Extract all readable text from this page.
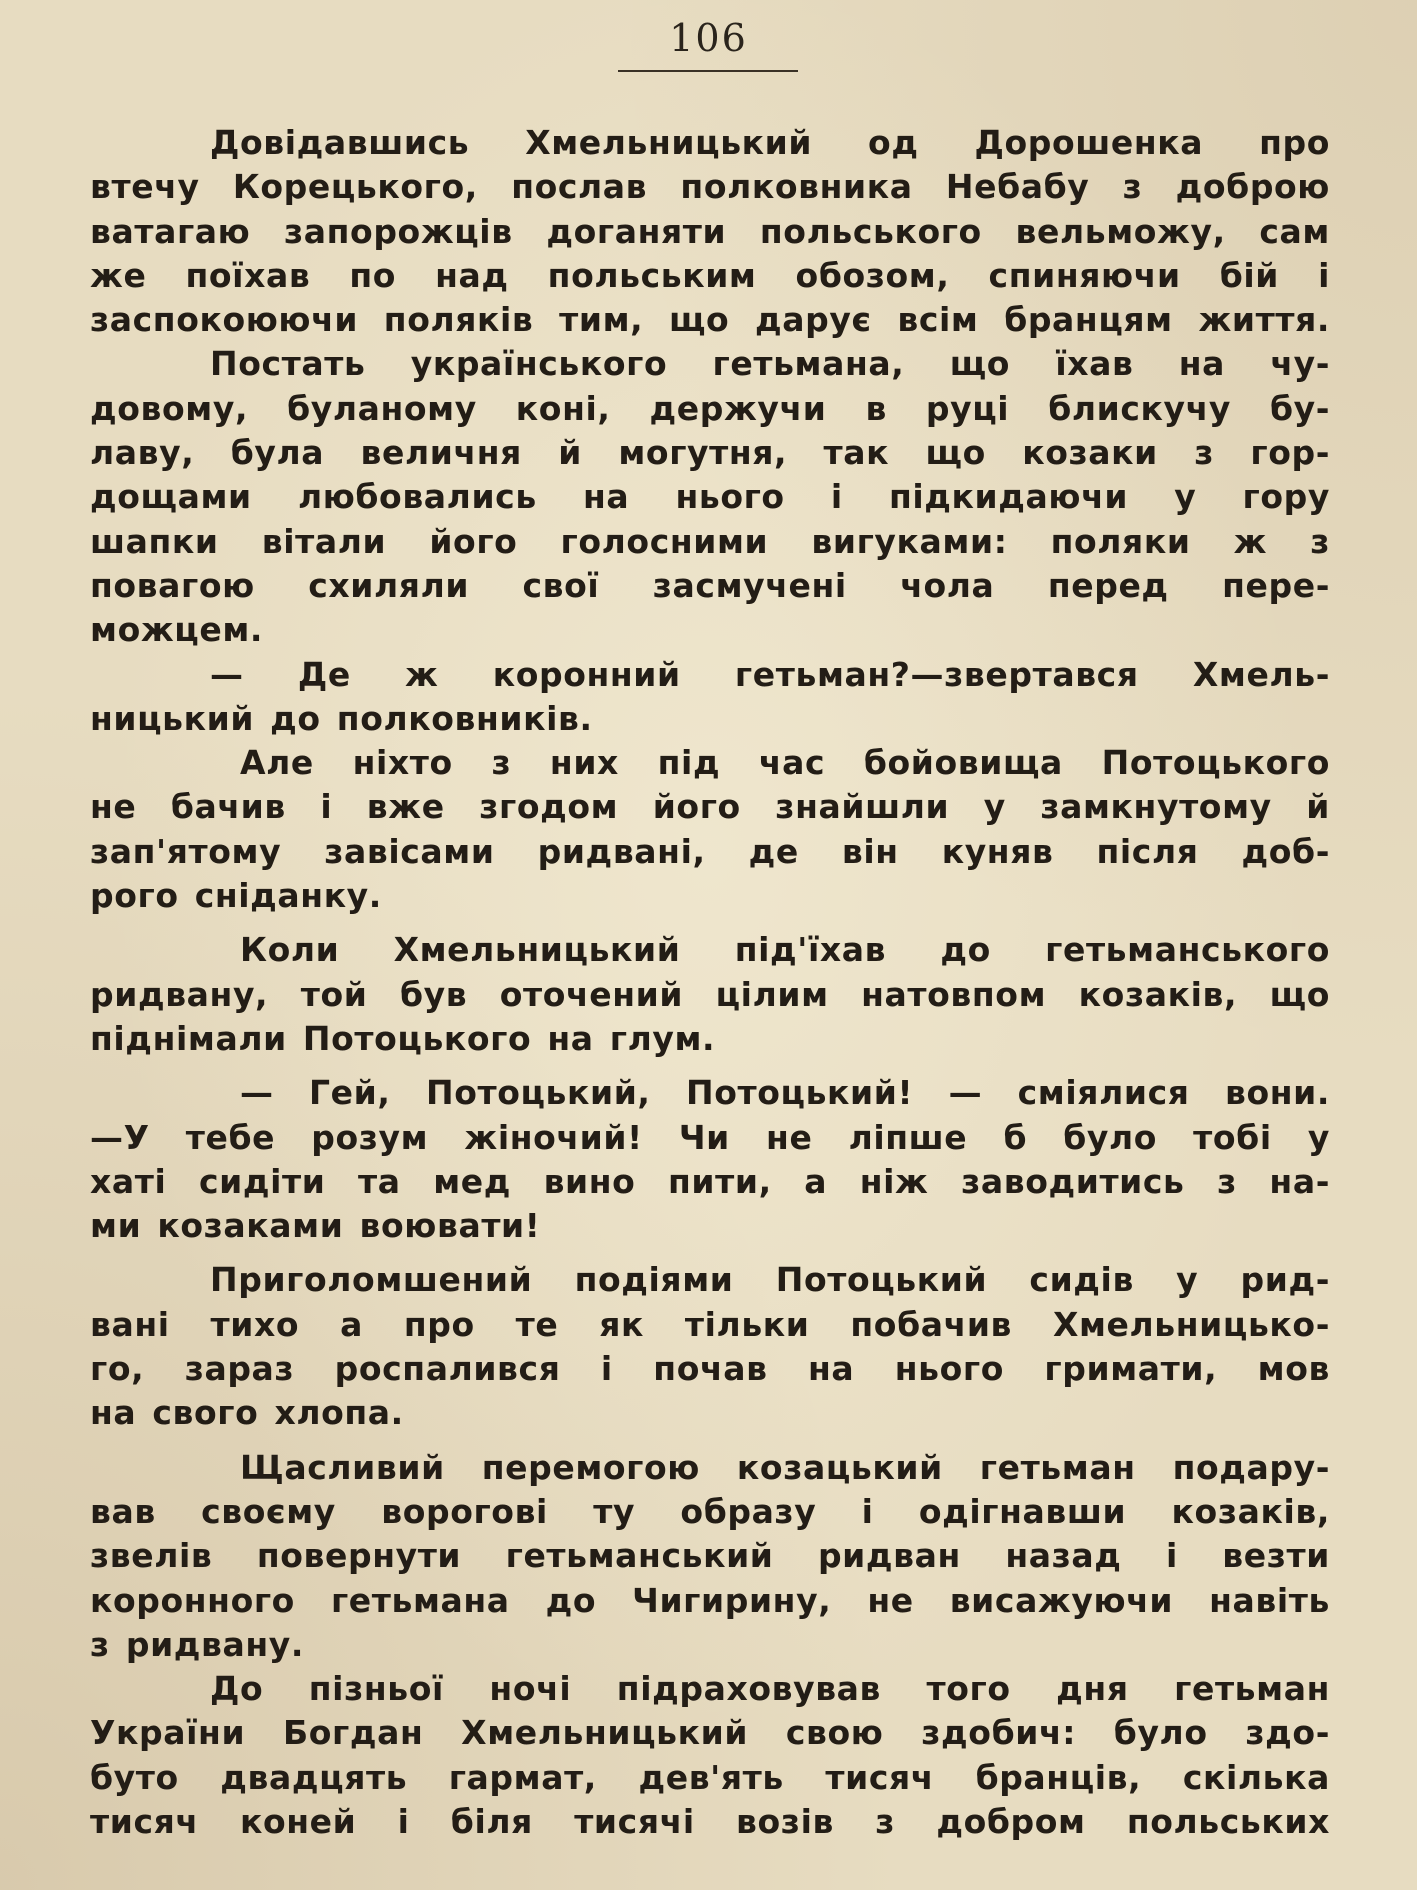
106
Довідавшись Хмельницький од Дорошенка про
втечу Корецького, послав полковника Небабу з доброю
ватагаю запорожців доганяти польського вельможу, сам
же поїхав по над польським обозом, спиняючи бій і
заспокоюючи поляків тим, що дарує всім бранцям життя.
Постать українського гетьмана, що їхав на чу-
довому, буланому коні, держучи в руці блискучу бу-
лаву, була величня й могутня, так що козаки з гор-
дощами любовались на нього і підкидаючи у гору
шапки вітали його голосними вигуками: поляки ж з
повагою схиляли свої засмучені чола перед пере-
можцем.
— Де ж коронний гетьман?—звертався Хмель-
ницький до полковників.
Але ніхто з них під час бойовища Потоцького
не бачив і вже згодом його знайшли у замкнутому й
зап'ятому завісами ридвані, де він куняв після доб-
рого сніданку.
Коли Хмельницький під'їхав до гетьманського
ридвану, той був оточений цілим натовпом козаків, що
піднімали Потоцького на глум.
— Гей, Потоцький, Потоцький! — сміялися вони.
—У тебе розум жіночий! Чи не ліпше б було тобі у
хаті сидіти та мед вино пити, а ніж заводитись з на-
ми козаками воювати!
Приголомшений подіями Потоцький сидів у рид-
вані тихо а про те як тільки побачив Хмельницько-
го, зараз роспалився і почав на нього гримати, мов
на свого хлопа.
Щасливий перемогою козацький гетьман подару-
вав своєму ворогові ту образу і одігнавши козаків,
звелів повернути гетьманський ридван назад і везти
коронного гетьмана до Чигирину, не висажуючи навіть
з ридвану.
До пізньої ночі підраховував того дня гетьман
України Богдан Хмельницький свою здобич: було здо-
буто двадцять гармат, дев'ять тисяч бранців, скілька
тисяч коней і біля тисячі возів з добром польських
